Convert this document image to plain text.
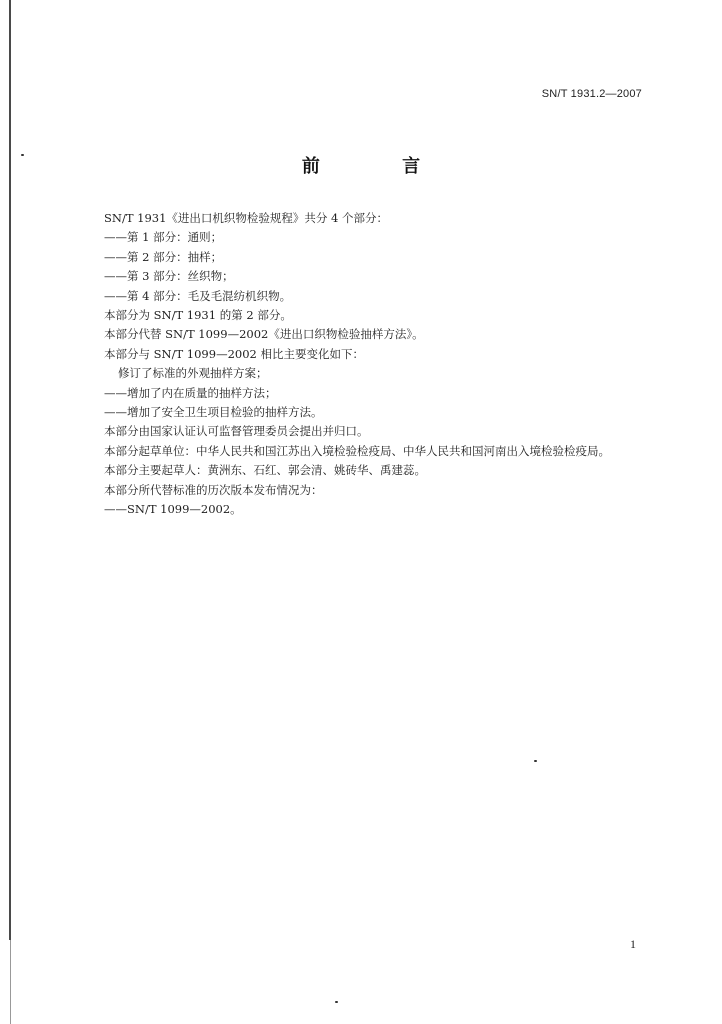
SN/T 1931.2—2007
前 言
SN/T 1931《进出口机织物检验规程》共分 4 个部分：
——第 1 部分：通则；
——第 2 部分：抽样；
——第 3 部分：丝织物；
——第 4 部分：毛及毛混纺机织物。
本部分为 SN/T 1931 的第 2 部分。
本部分代替 SN/T 1099—2002《进出口织物检验抽样方法》。
本部分与 SN/T 1099—2002 相比主要变化如下：
修订了标准的外观抽样方案；
——增加了内在质量的抽样方法；
——增加了安全卫生项目检验的抽样方法。
本部分由国家认证认可监督管理委员会提出并归口。
本部分起草单位：中华人民共和国江苏出入境检验检疫局、中华人民共和国河南出入境检验检疫局。
本部分主要起草人：黄洲东、石红、郭会清、姚砖华、禹建蕊。
本部分所代替标准的历次版本发布情况为：
——SN/T 1099—2002。
1
